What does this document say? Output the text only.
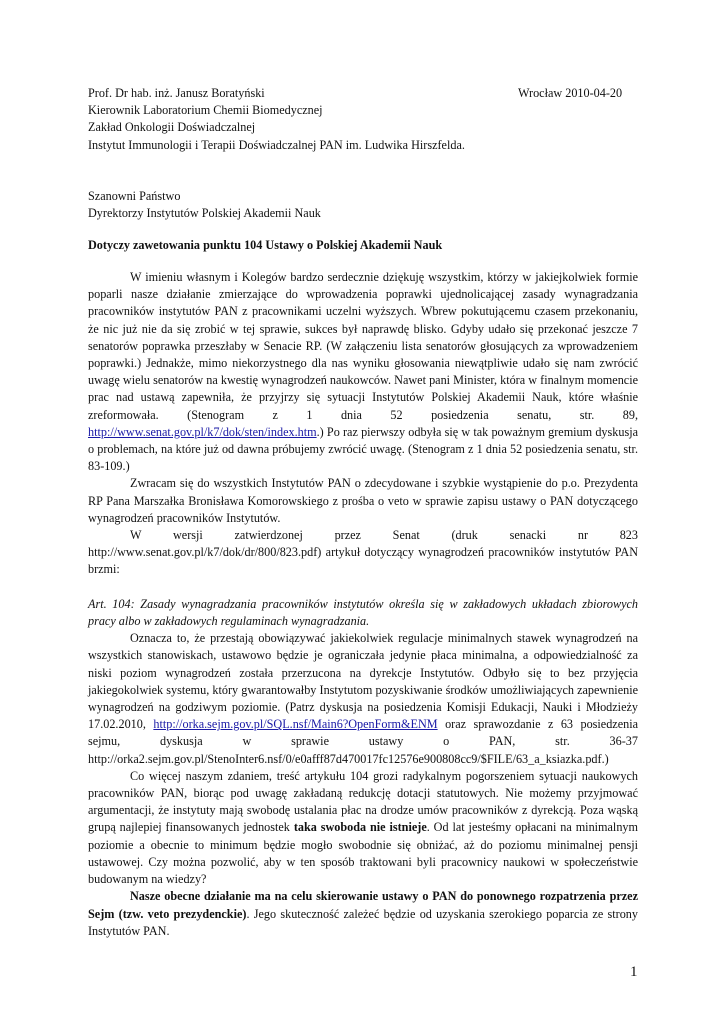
Prof. Dr hab. inż. Janusz Boratyński
Kierownik Laboratorium Chemii Biomedycznej
Zakład Onkologii Doświadczalnej
Instytut Immunologii i Terapii Doświadczalnej PAN im. Ludwika Hirszfelda.
Wrocław 2010-04-20
Szanowni Państwo
Dyrektorzy Instytutów Polskiej Akademii Nauk
Dotyczy zawetowania punktu 104 Ustawy o Polskiej Akademii Nauk

W imieniu własnym i Kolegów bardzo serdecznie dziękuję wszystkim, którzy w jakiejkolwiek formie poparli nasze działanie zmierzające do wprowadzenia poprawki ujednolicającej zasady wynagradzania pracowników instytutów PAN z pracownikami uczelni wyższych. Wbrew pokutującemu czasem przekonaniu, że nic już nie da się zrobić w tej sprawie, sukces był naprawdę blisko. Gdyby udało się przekonać jeszcze 7 senatorów poprawka przeszłaby w Senacie RP. (W załączeniu lista senatorów głosujących za wprowadzeniem poprawki.) Jednakże, mimo niekorzystnego dla nas wyniku głosowania niewątpliwie udało się nam zwrócić uwagę wielu senatorów na kwestię wynagrodzeń naukowców. Nawet pani Minister, która w finalnym momencie prac nad ustawą zapewniła, że przyjrzy się sytuacji Instytutów Polskiej Akademii Nauk, które właśnie zreformowała. (Stenogram z 1 dnia 52 posiedzenia senatu, str. 89, http://www.senat.gov.pl/k7/dok/sten/index.htm.) Po raz pierwszy odbyła się w tak poważnym gremium dyskusja o problemach, na które już od dawna próbujemy zwrócić uwagę. (Stenogram z 1 dnia 52 posiedzenia senatu, str. 83-109.)

Zwracam się do wszystkich Instytutów PAN o zdecydowane i szybkie wystąpienie do p.o. Prezydenta RP Pana Marszałka Bronisława Komorowskiego z prośba o veto w sprawie zapisu ustawy o PAN dotyczącego wynagrodzeń pracowników Instytutów.

W wersji zatwierdzonej przez Senat (druk senacki nr 823 http://www.senat.gov.pl/k7/dok/dr/800/823.pdf) artykuł dotyczący wynagrodzeń pracowników instytutów PAN brzmi:

Art. 104: Zasady wynagradzania pracowników instytutów określa się w zakładowych układach zbiorowych pracy albo w zakładowych regulaminach wynagradzania.

Oznacza to, że przestają obowiązywać jakiekolwiek regulacje minimalnych stawek wynagrodzeń na wszystkich stanowiskach, ustawowo będzie je ograniczała jedynie płaca minimalna, a odpowiedzialność za niski poziom wynagrodzeń została przerzucona na dyrekcje Instytutów. Odbyło się to bez przyjęcia jakiegokolwiek systemu, który gwarantowałby Instytutom pozyskiwanie środków umożliwiających zapewnienie wynagrodzeń na godziwym poziomie. (Patrz dyskusja na posiedzenia Komisji Edukacji, Nauki i Młodzieży 17.02.2010, http://orka.sejm.gov.pl/SQL.nsf/Main6?OpenForm&ENM oraz sprawozdanie z 63 posiedzenia sejmu, dyskusja w sprawie ustawy o PAN, str. 36-37 http://orka2.sejm.gov.pl/StenoInter6.nsf/0/e0afff87d470017fc12576e900808cc9/$FILE/63_a_ksiazka.pdf.)

Co więcej naszym zdaniem, treść artykułu 104 grozi radykalnym pogorszeniem sytuacji naukowych pracowników PAN, biorąc pod uwagę zakładaną redukcję dotacji statutowych. Nie możemy przyjmować argumentacji, że instytuty mają swobodę ustalania płac na drodze umów pracowników z dyrekcją. Poza wąską grupą najlepiej finansowanych jednostek taka swoboda nie istnieje. Od lat jesteśmy opłacani na minimalnym poziomie a obecnie to minimum będzie mogło swobodnie się obniżać, aż do poziomu minimalnej pensji ustawowej. Czy można pozwolić, aby w ten sposób traktowani byli pracownicy naukowi w społeczeństwie budowanym na wiedzy?

Nasze obecne działanie ma na celu skierowanie ustawy o PAN do ponownego rozpatrzenia przez Sejm (tzw. veto prezydenckie). Jego skuteczność zależeć będzie od uzyskania szerokiego poparcia ze strony Instytutów PAN.

1
